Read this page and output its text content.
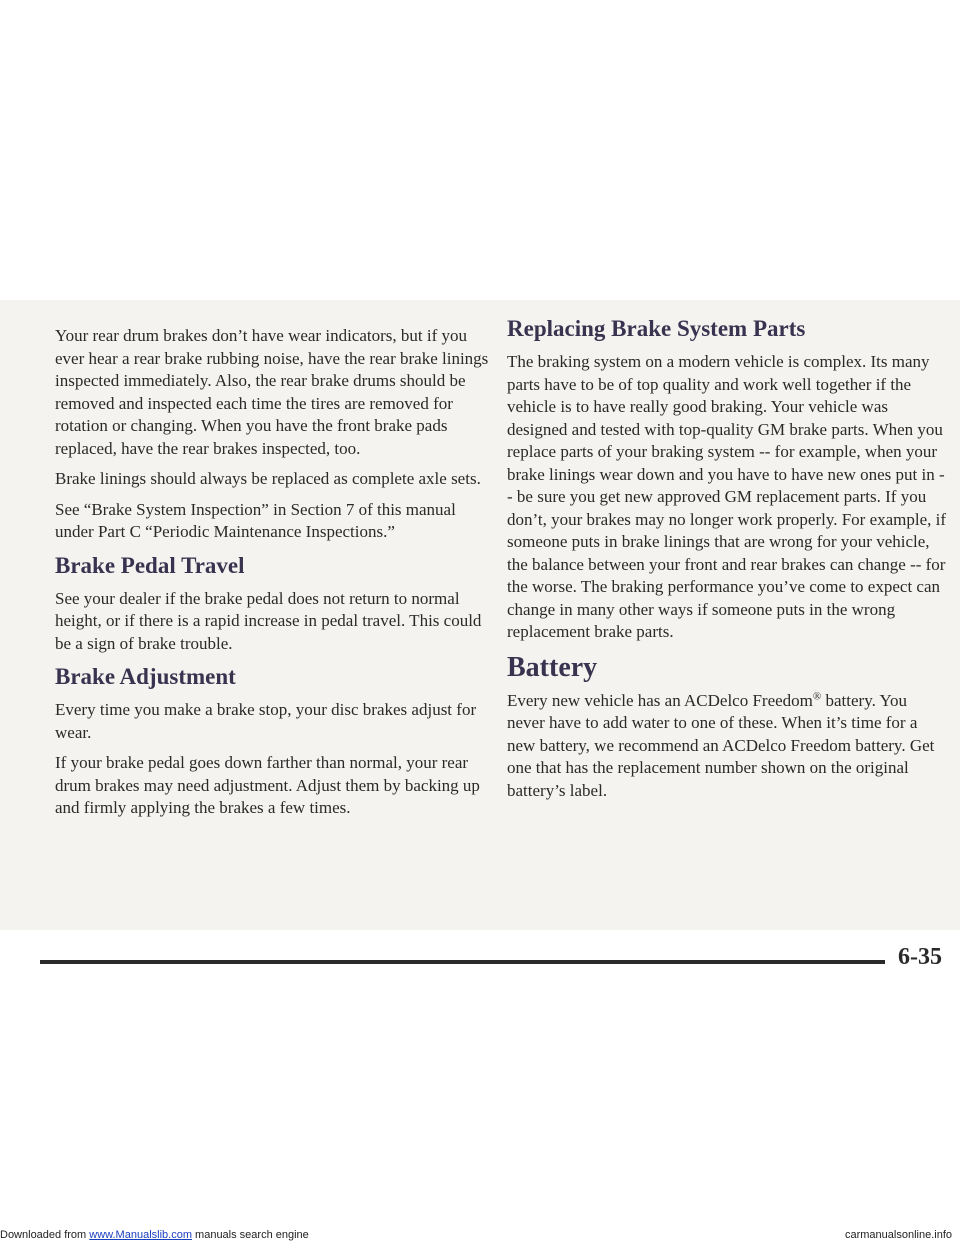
Your rear drum brakes don’t have wear indicators, but if you ever hear a rear brake rubbing noise, have the rear brake linings inspected immediately. Also, the rear brake drums should be removed and inspected each time the tires are removed for rotation or changing. When you have the front brake pads replaced, have the rear brakes inspected, too.

Brake linings should always be replaced as complete axle sets.

See “Brake System Inspection” in Section 7 of this manual under Part C “Periodic Maintenance Inspections.”

Brake Pedal Travel

See your dealer if the brake pedal does not return to normal height, or if there is a rapid increase in pedal travel. This could be a sign of brake trouble.

Brake Adjustment

Every time you make a brake stop, your disc brakes adjust for wear.

If your brake pedal goes down farther than normal, your rear drum brakes may need adjustment. Adjust them by backing up and firmly applying the brakes a few times.

Replacing Brake System Parts

The braking system on a modern vehicle is complex. Its many parts have to be of top quality and work well together if the vehicle is to have really good braking. Your vehicle was designed and tested with top-quality GM brake parts. When you replace parts of your braking system -- for example, when your brake linings wear down and you have to have new ones put in -- be sure you get new approved GM replacement parts. If you don’t, your brakes may no longer work properly. For example, if someone puts in brake linings that are wrong for your vehicle, the balance between your front and rear brakes can change -- for the worse. The braking performance you’ve come to expect can change in many other ways if someone puts in the wrong replacement brake parts.

Battery

Every new vehicle has an ACDelco Freedom® battery. You never have to add water to one of these. When it’s time for a new battery, we recommend an ACDelco Freedom battery. Get one that has the replacement number shown on the original battery’s label.

6-35
Downloaded from www.Manualslib.com manuals search engine	carmanualsonline.info
